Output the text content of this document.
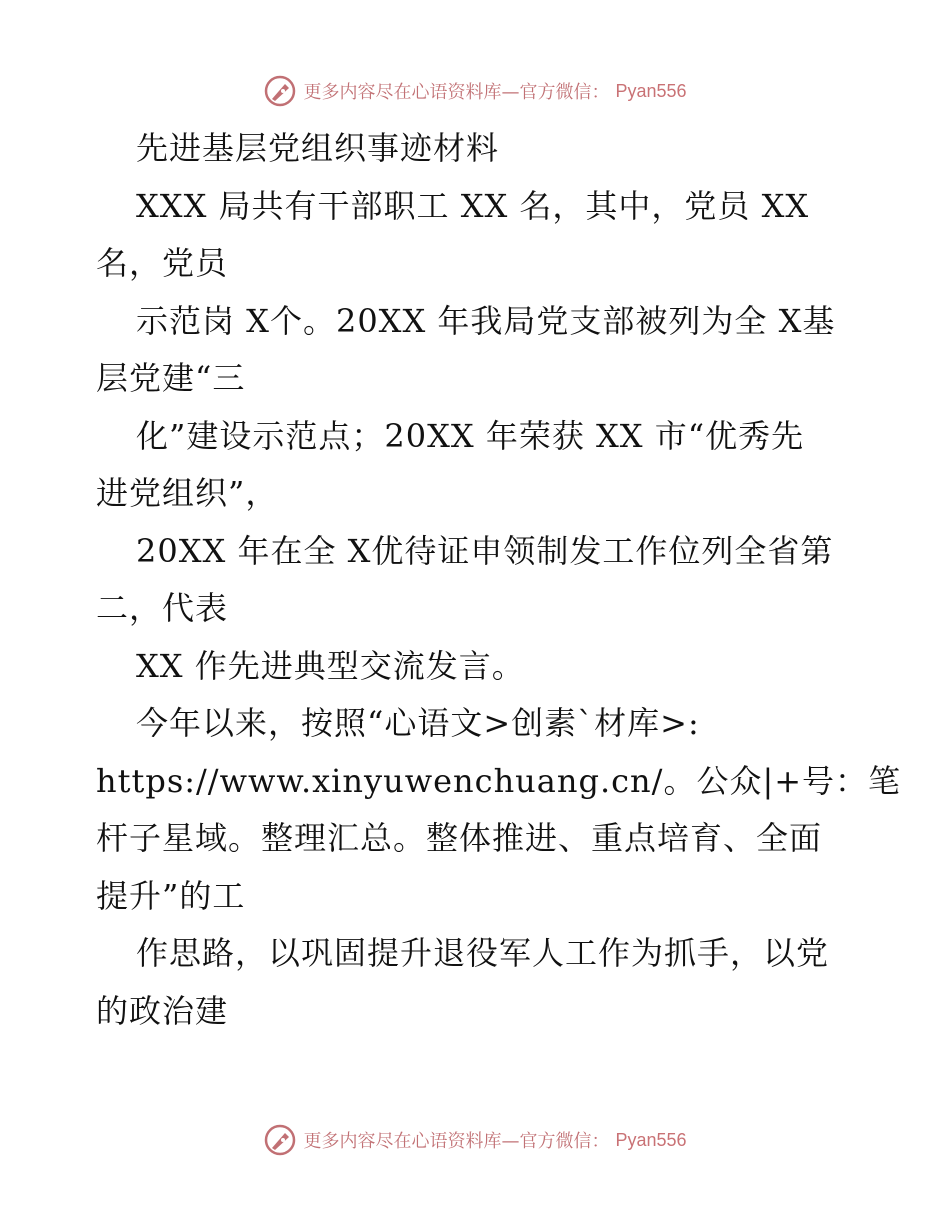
更多内容尽在心语资料库—官方微信： Pyan556
先进基层党组织事迹材料
XXX 局共有干部职工 XX 名，其中，党员 XX
名，党员
示范岗 X个。20XX 年我局党支部被列为全 X基
层党建“三
化”建设示范点；20XX 年荣获 XX 市“优秀先
进党组织”，
20XX 年在全 X优待证申领制发工作位列全省第
二，代表
XX 作先进典型交流发言。
今年以来，按照“心语文>创素`材库>:
https://www.xinyuwenchuang.cn/。公众|+号：笔
杆子星域。整理汇总。整体推进、重点培育、全面
提升”的工
作思路，以巩固提升退役军人工作为抓手，以党
的政治建
更多内容尽在心语资料库—官方微信： Pyan556
